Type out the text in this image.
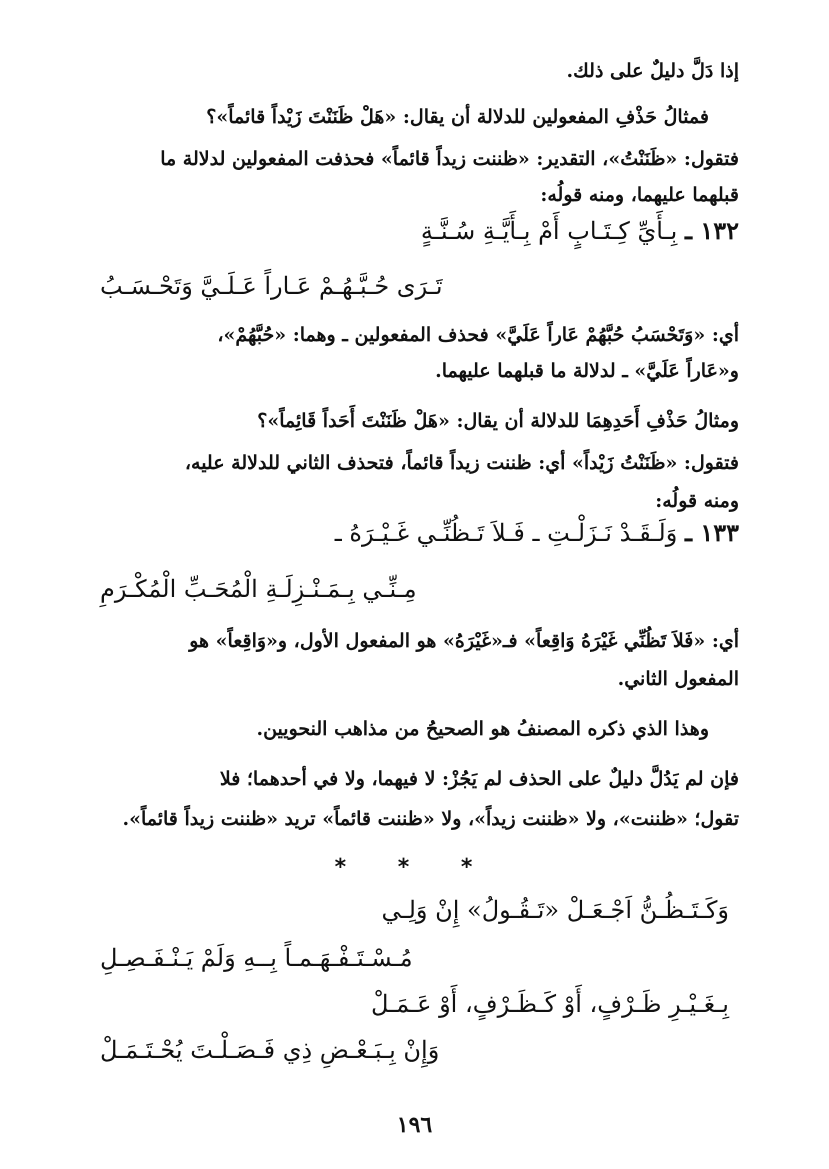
إذا دَلَّ دليلٌ على ذلك.
فمثالُ حَذْفِ المفعولين للدلالة أن يقال: «هَلْ ظَنَنْتَ زَيْداً قائماً»؟
فتقول: «ظَنَنْتُ»، التقدير: «ظننت زيداً قائماً» فحذفت المفعولين لدلالة ما
قبلهما عليهما، ومنه قولُه:
١٣٢ ـ بِـأَيِّ كِـتَـابٍ أَمْ بِـأَيَّـةِ سُـنَّـةٍ
تَـرَى حُـبَّـهُـمْ عَـاراً عَـلَـيَّ وَتَحْـسَـبُ
أي: «وَتَحْسَبُ حُبَّهُمْ عَاراً عَلَيَّ» فحذف المفعولين ـ وهما: «حُبَّهُمْ»،
و«عَاراً عَلَيَّ» ـ لدلالة ما قبلهما عليهما.
ومثالُ حَذْفِ أَحَدِهِمَا للدلالة أن يقال: «هَلْ ظَنَنْتَ أَحَداً قَائِماً»؟
فتقول: «ظَنَنْتُ زَيْداً» أي: ظننت زيداً قائماً، فتحذف الثاني للدلالة عليه،
ومنه قولُه:
١٣٣ ـ وَلَـقَـدْ نَـزَلْـتِ ـ فَـلاَ تَـظُنِّـي غَـيْـرَهُ ـ
مِـنِّـي بِـمَـنْـزِلَـةِ الْمُحَـبِّ الْمُكْـرَمِ
أي: «فَلاَ تَظُنِّي غَيْرَهُ وَاقِعاً» فـ«غَيْرَهُ» هو المفعول الأول، و«وَاقِعاً» هو
المفعول الثاني.
وهذا الذي ذكره المصنفُ هو الصحيحُ من مذاهب النحويين.
فإن لم يَدُلَّ دليلٌ على الحذف لم يَجُزْ: لا فيهما، ولا في أحدهما؛ فلا
تقول؛ «ظننت»، ولا «ظننت زيداً»، ولا «ظننت قائماً» تريد «ظننت زيداً قائماً».
* * *
وَكَـتَـظُـنُّ اَجْـعَـلْ «تَـقُـولُ» إِنْ وَلِـي
مُـسْـتَـفْـهَـمـاً بِــهِ وَلَمْ يَـنْـفَـصِـلِ
بِـغَـيْـرِ ظَـرْفٍ، أَوْ كَـظَـرْفٍ، أَوْ عَـمَـلْ
وَإِنْ بِـبَـعْـضِ ذِي فَـصَـلْـتَ يُحْـتَـمَـلْ
١٩٦
